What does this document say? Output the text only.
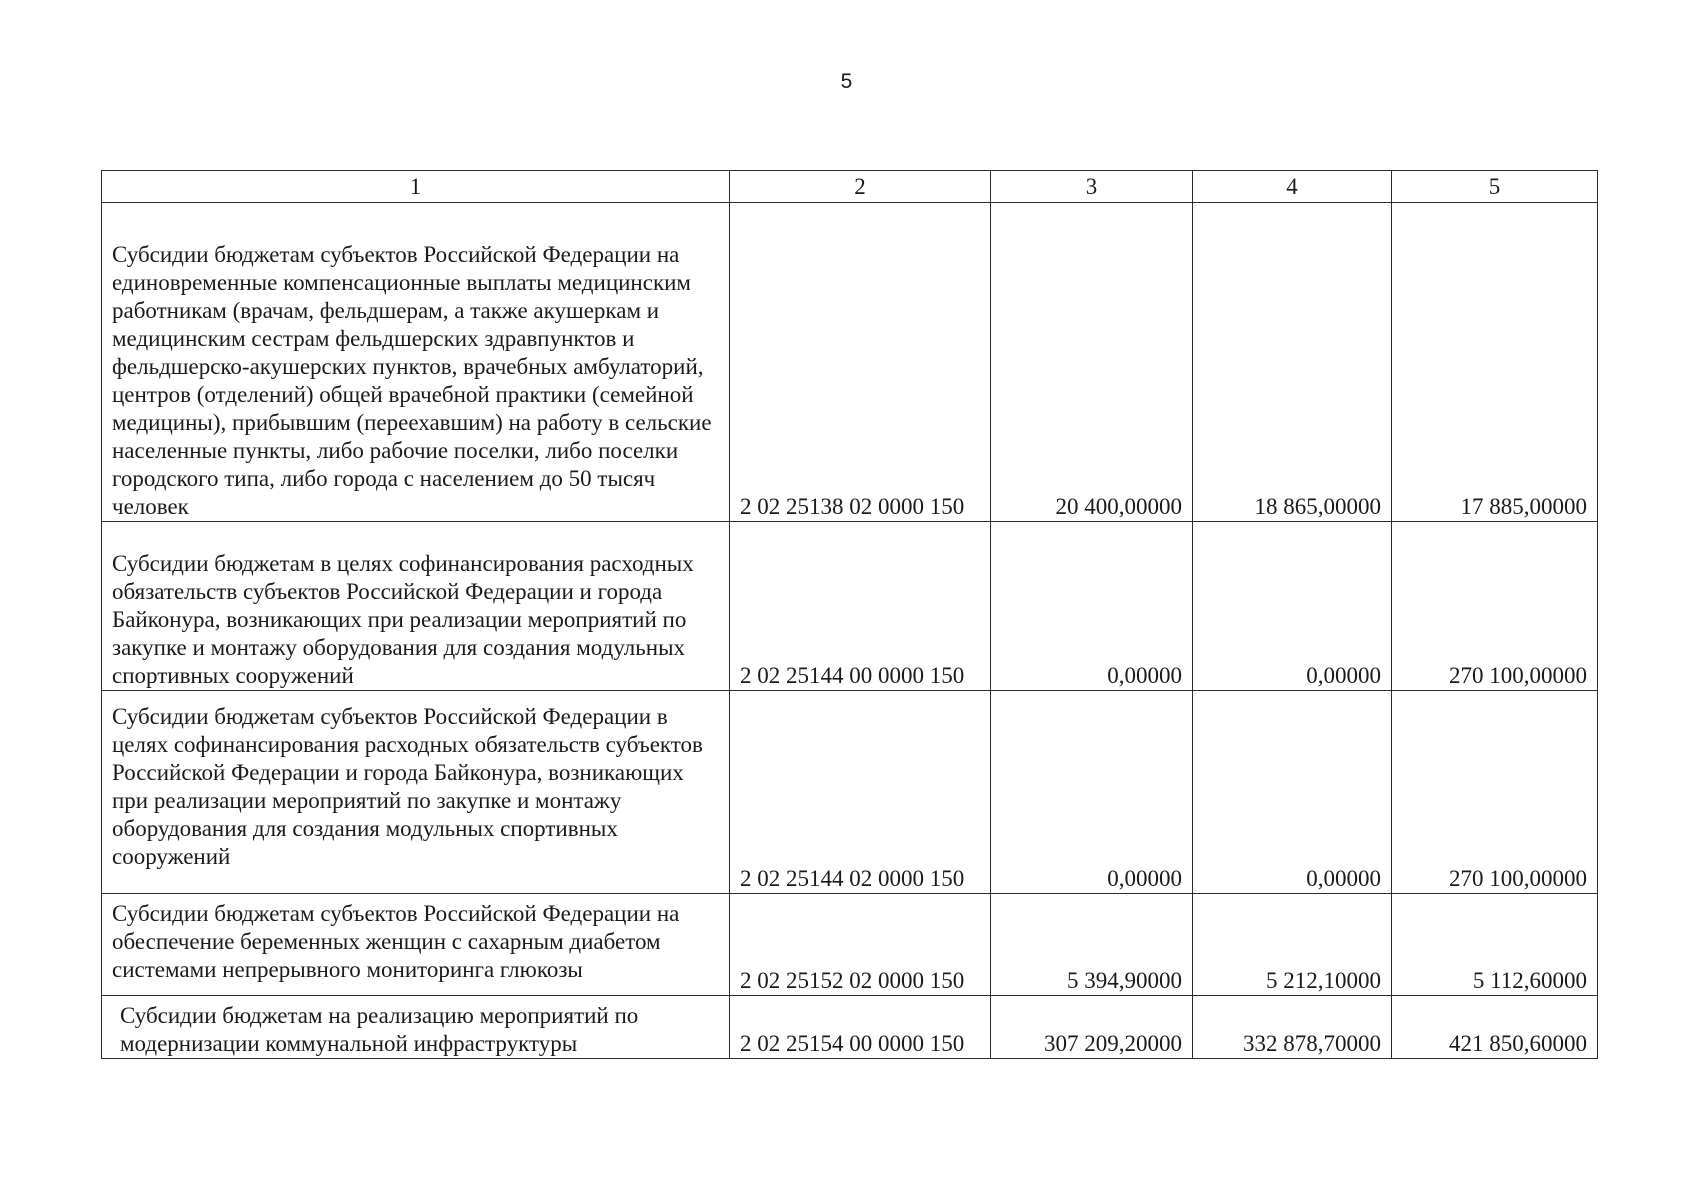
5
1	2	3	4	5

Субсидии бюджетам субъектов Российской Федерации на единовременные компенсационные выплаты медицинским работникам (врачам, фельдшерам, а также акушеркам и медицинским сестрам фельдшерских здравпунктов и фельдшерско-акушерских пунктов, врачебных амбулаторий, центров (отделений) общей врачебной практики (семейной медицины), прибывшим (переехавшим) на работу в сельские населенные пункты, либо рабочие поселки, либо поселки городского типа, либо города с населением до 50 тысяч человек	2 02 25138 02 0000 150	20 400,00000	18 865,00000	17 885,00000

Субсидии бюджетам в целях софинансирования расходных обязательств субъектов Российской Федерации и города Байконура, возникающих при реализации мероприятий по закупке и монтажу оборудования для создания модульных спортивных сооружений	2 02 25144 00 0000 150	0,00000	0,00000	270 100,00000

Субсидии бюджетам субъектов Российской Федерации в целях софинансирования расходных обязательств субъектов Российской Федерации и города Байконура, возникающих при реализации мероприятий по закупке и монтажу оборудования для создания модульных спортивных сооружений	2 02 25144 02 0000 150	0,00000	0,00000	270 100,00000

Субсидии бюджетам субъектов Российской Федерации на обеспечение беременных женщин с сахарным диабетом системами непрерывного мониторинга глюкозы	2 02 25152 02 0000 150	5 394,90000	5 212,10000	5 112,60000

Субсидии бюджетам на реализацию мероприятий по модернизации коммунальной инфраструктуры	2 02 25154 00 0000 150	307 209,20000	332 878,70000	421 850,60000
